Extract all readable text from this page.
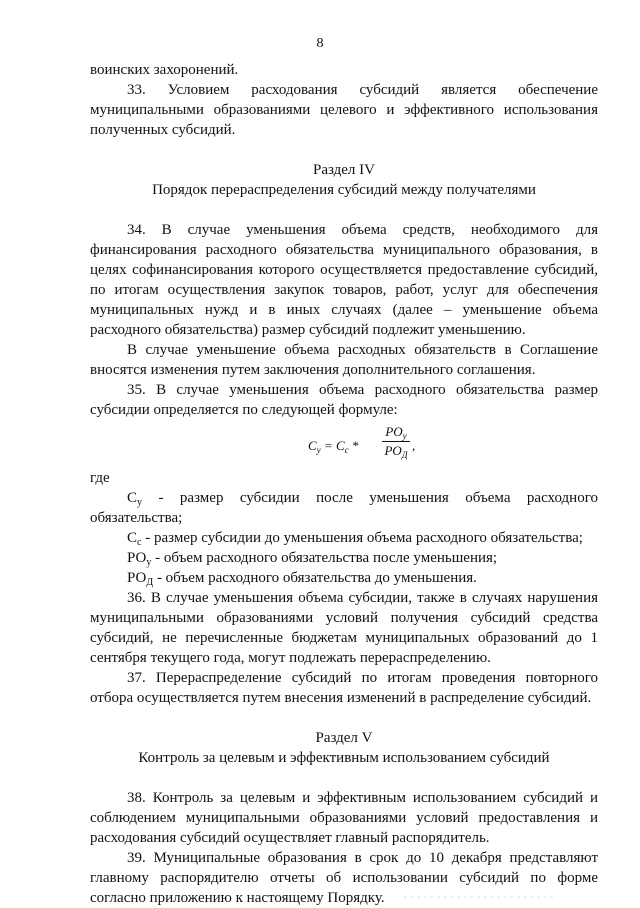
8

воинских захоронений.

33. Условием расходования субсидий является обеспечение муниципальными образованиями целевого и эффективного использования полученных субсидий.

Раздел IV

Порядок перераспределения субсидий между получателями

34. В случае уменьшения объема средств, необходимого для финансирования расходного обязательства муниципального образования, в целях софинансирования которого осуществляется предоставление субсидий, по итогам осуществления закупок товаров, работ, услуг для обеспечения муниципальных нужд и в иных случаях (далее – уменьшение объема расходного обязательства) размер субсидий подлежит уменьшению.

В случае уменьшение объема расходных обязательств в Соглашение вносятся изменения путем заключения дополнительного соглашения.

35. В случае уменьшения объема расходного обязательства размер субсидии определяется по следующей формуле:

$C_у = C_с$ *
$PO_у$
$PO_Д$
,

где

$С_у$ - размер субсидии после уменьшения объема расходного обязательства;

$С_с$ - размер субсидии до уменьшения объема расходного обязательства;

$РО_у$ - объем расходного обязательства после уменьшения;

$РО_Д$ - объем расходного обязательства до уменьшения.

36. В случае уменьшения объема субсидии, также в случаях нарушения муниципальными образованиями условий получения субсидий средства субсидий, не перечисленные бюджетам муниципальных образований до 1 сентября текущего года, могут подлежать перераспределению.

37. Перераспределение субсидий по итогам проведения повторного отбора осуществляется путем внесения изменений в распределение субсидий.

Раздел V

Контроль за целевым и эффективным использованием субсидий

38. Контроль за целевым и эффективным использованием субсидий и соблюдением муниципальными образованиями условий предоставления и расходования субсидий осуществляет главный распорядитель.

39. Муниципальные образования в срок до 10 декабря представляют главному распорядителю отчеты об использовании субсидий по форме согласно приложению к настоящему Порядку.	· · · · · · · · · · · · · · · · · · · · · · ·
